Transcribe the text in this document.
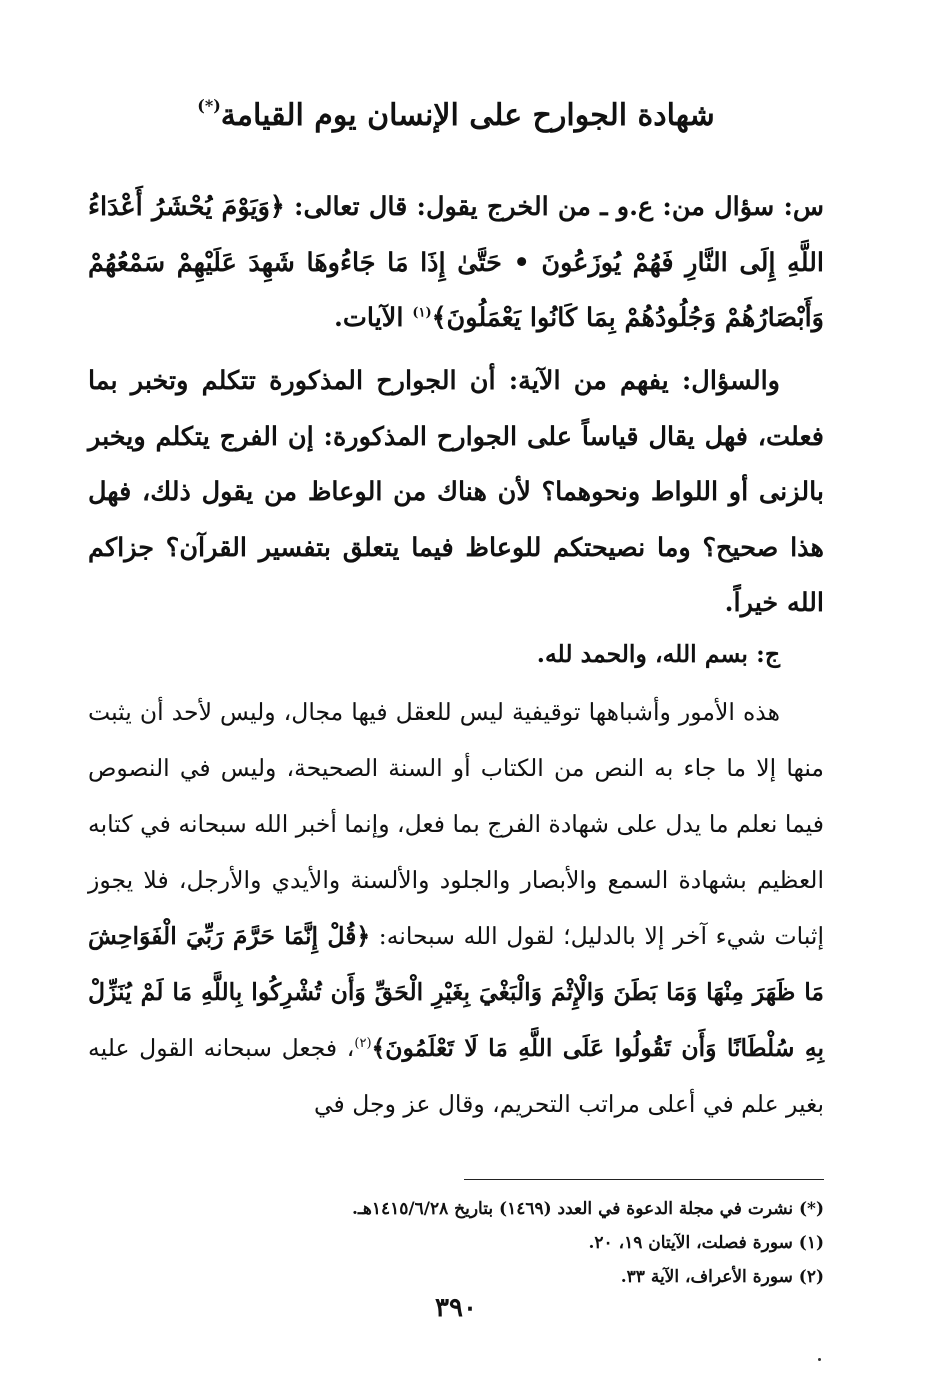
شهادة الجوارح على الإنسان يوم القيامة(*)
س: سؤال من: ع.و ـ من الخرج يقول: قال تعالى: ﴿وَيَوْمَ يُحْشَرُ أَعْدَاءُ اللَّهِ إِلَى النَّارِ فَهُمْ يُوزَعُونَ • حَتَّىٰ إِذَا مَا جَاءُوهَا شَهِدَ عَلَيْهِمْ سَمْعُهُمْ وَأَبْصَارُهُمْ وَجُلُودُهُمْ بِمَا كَانُوا يَعْمَلُونَ﴾$^{(١)}$ الآيات.
والسؤال: يفهم من الآية: أن الجوارح المذكورة تتكلم وتخبر بما فعلت، فهل يقال قياساً على الجوارح المذكورة: إن الفرج يتكلم ويخبر بالزنى أو اللواط ونحوهما؟ لأن هناك من الوعاظ من يقول ذلك، فهل هذا صحيح؟ وما نصيحتكم للوعاظ فيما يتعلق بتفسير القرآن؟ جزاكم الله خيراً.
ج: بسم الله، والحمد لله.
هذه الأمور وأشباهها توقيفية ليس للعقل فيها مجال، وليس لأحد أن يثبت منها إلا ما جاء به النص من الكتاب أو السنة الصحيحة، وليس في النصوص فيما نعلم ما يدل على شهادة الفرج بما فعل، وإنما أخبر الله سبحانه في كتابه العظيم بشهادة السمع والأبصار والجلود والألسنة والأيدي والأرجل، فلا يجوز إثبات شيء آخر إلا بالدليل؛ لقول الله سبحانه: ﴿قُلْ إِنَّمَا حَرَّمَ رَبِّيَ الْفَوَاحِشَ مَا ظَهَرَ مِنْهَا وَمَا بَطَنَ وَالْإِثْمَ وَالْبَغْيَ بِغَيْرِ الْحَقِّ وَأَن تُشْرِكُوا بِاللَّهِ مَا لَمْ يُنَزِّلْ بِهِ سُلْطَانًا وَأَن تَقُولُوا عَلَى اللَّهِ مَا لَا تَعْلَمُونَ﴾$^{(٢)}$، فجعل سبحانه القول عليه بغير علم في أعلى مراتب التحريم، وقال عز وجل في
(*) نشرت في مجلة الدعوة في العدد (١٤٦٩) بتاريخ ١٤١٥/٦/٢٨هـ.
(١) سورة فصلت، الآيتان ١٩، ٢٠.
(٢) سورة الأعراف، الآية ٣٣.
٣٩٠
